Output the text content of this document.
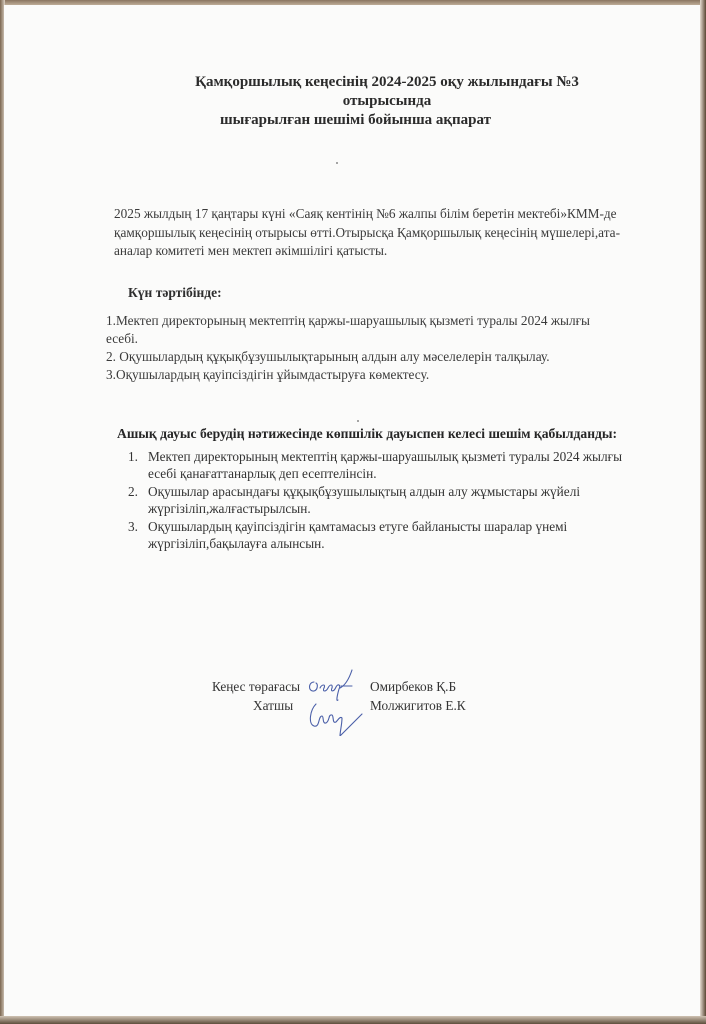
Қамқоршылық кеңесінің 2024-2025 оқу жылындағы №3 отырысында
шығарылған шешімі бойынша ақпарат
2025 жылдың 17 қаңтары күні «Саяқ кентінің №6 жалпы білім беретін мектебі»КММ-де
қамқоршылық кеңесінің отырысы өтті.Отырысқа Қамқоршылық кеңесінің мүшелері,ата-
аналар комитеті мен мектеп әкімшілігі қатысты.
Күн тәртібінде:
1.Мектеп директорының мектептің қаржы-шаруашылық қызметі туралы 2024 жылғы
есебі.
2. Оқушылардың құқықбұзушылықтарының алдын алу мәселелерін талқылау.
3.Оқушылардың қауіпсіздігін ұйымдастыруға көмектесу.
Ашық дауыс берудің нәтижесінде көпшілік дауыспен келесі шешім қабылданды:
1. Мектеп директорының мектептің қаржы-шаруашылық қызметі туралы 2024 жылғы есебі қанағаттанарлық деп есептелінсін.
2. Оқушылар арасындағы құқықбұзушылықтың алдын алу жұмыстары жүйелі жүргізіліп,жалғастырылсын.
3. Оқушылардың қауіпсіздігін қамтамасыз етуге байланысты шаралар үнемі жүргізіліп,бақылауға алынсын.
Кеңес төрағасы	Омирбеков Қ.Б
Хатшы	Молжигитов Е.К
